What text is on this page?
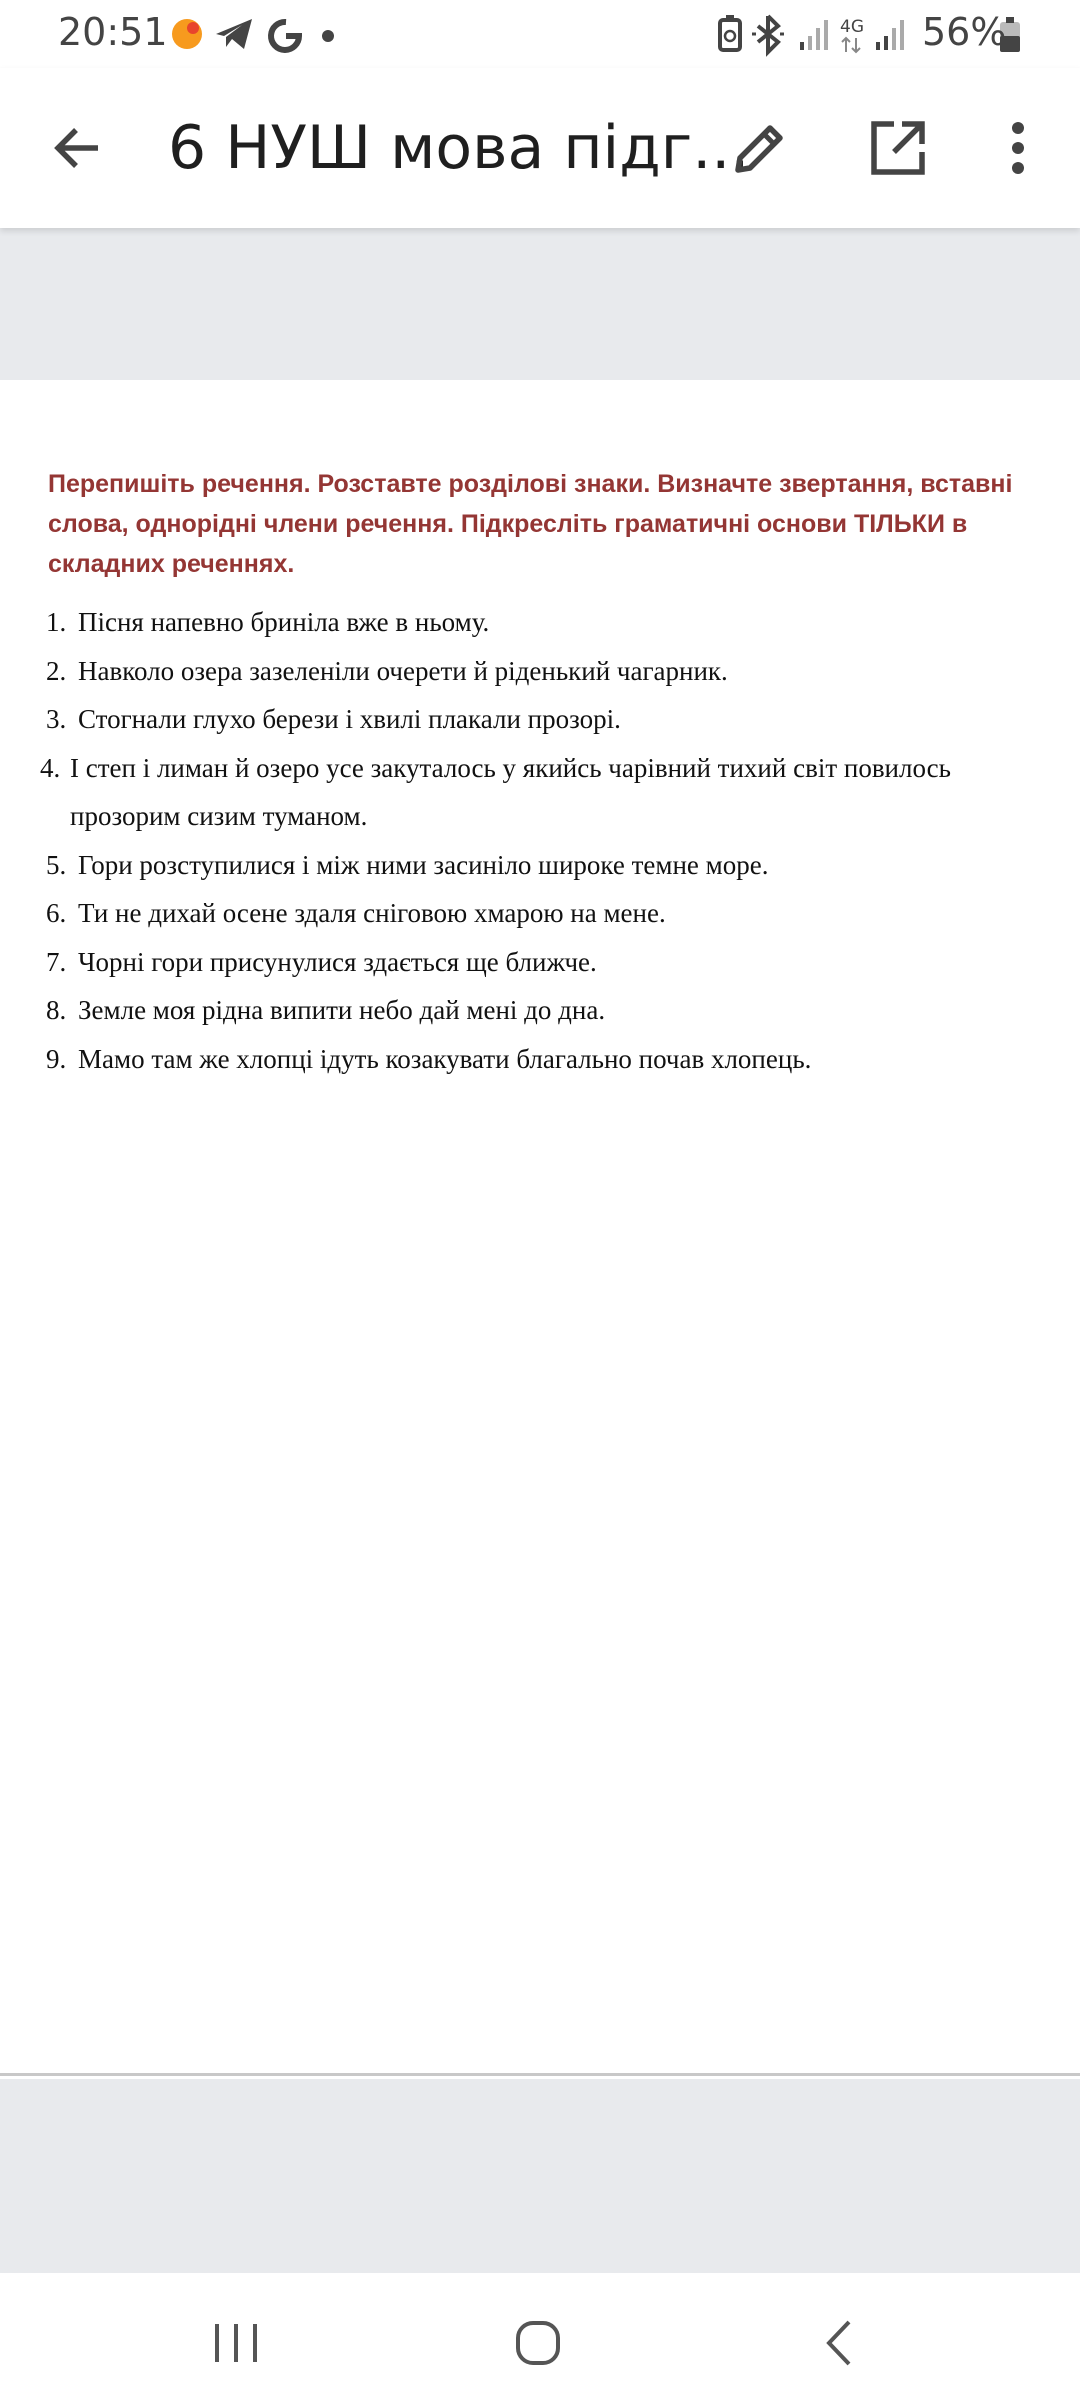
20:51	4G 56%
6 НУШ мова підг...
Перепишіть речення. Розставте розділові знаки. Визначте звертання, вставні слова, однорідні члени речення. Підкресліть граматичні основи ТІЛЬКИ в складних реченнях.
1. Пісня напевно бриніла вже в ньому.
2. Навколо озера зазеленіли очерети й ріденький чагарник.
3. Стогнали глухо берези і хвилі плакали прозорі.
4. І степ і лиман й озеро усе закуталось у якийсь чарівний тихий світ повилось прозорим сизим туманом.
5. Гори розступилися і між ними засиніло широке темне море.
6. Ти не дихай осене здаля сніговою хмарою на мене.
7. Чорні гори присунулися здається ще ближче.
8. Земле моя рідна випити небо дай мені до дна.
9. Мамо там же хлопці ідуть козакувати благально почав хлопець.
